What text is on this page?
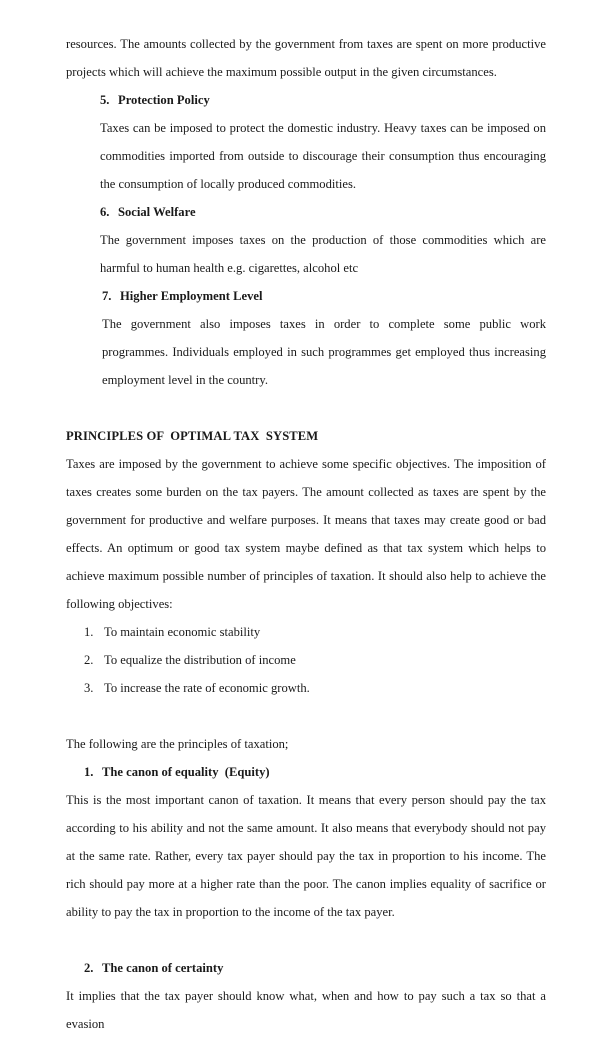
resources. The amounts collected by the government from taxes are spent on more productive projects which will achieve the maximum possible output in the given circumstances.

5. Protection Policy

Taxes can be imposed to protect the domestic industry. Heavy taxes can be imposed on commodities imported from outside to discourage their consumption thus encouraging the consumption of locally produced commodities.

6. Social Welfare

The government imposes taxes on the production of those commodities which are harmful to human health e.g. cigarettes, alcohol etc

7. Higher Employment Level

The government also imposes taxes in order to complete some public work programmes. Individuals employed in such programmes get employed thus increasing employment level in the country.

PRINCIPLES OF  OPTIMAL TAX  SYSTEM

Taxes are imposed by the government to achieve some specific objectives. The imposition of taxes creates some burden on the tax payers. The amount collected as taxes are spent by the government for productive and welfare purposes. It means that taxes may create good or bad effects. An optimum or good tax system maybe defined as that tax system which helps to achieve maximum possible number of principles of taxation. It should also help to achieve the following objectives:

1. To maintain economic stability
2. To equalize the distribution of income
3. To increase the rate of economic growth.

The following are the principles of taxation;

1. The canon of equality  (Equity)

This is the most important canon of taxation. It means that every person should pay the tax according to his ability and not the same amount. It also means that everybody should not pay at the same rate. Rather, every tax payer should pay the tax in proportion to his income. The rich should pay more at a higher rate than the poor. The canon implies equality of sacrifice or ability to pay the tax in proportion to the income of the tax payer.

2. The canon of certainty

It implies that the tax payer should know what, when and how to pay such a tax so that a evasion
